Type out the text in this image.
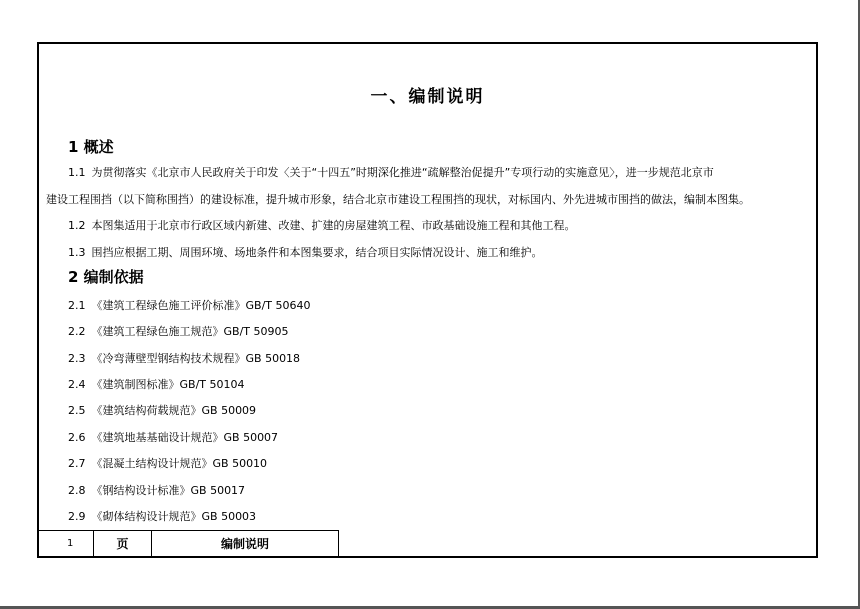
一、编制说明
1 概述
1.1 为贯彻落实《北京市人民政府关于印发〈关于“十四五”时期深化推进“疏解整治促提升”专项行动的实施意见〉，进一步规范北京市
建设工程围挡（以下简称围挡）的建设标准，提升城市形象，结合北京市建设工程围挡的现状，对标国内、外先进城市围挡的做法，编制本图集。
1.2 本图集适用于北京市行政区域内新建、改建、扩建的房屋建筑工程、市政基础设施工程和其他工程。
1.3 围挡应根据工期、周围环境、场地条件和本图集要求，结合项目实际情况设计、施工和维护。
2 编制依据
2.1 《建筑工程绿色施工评价标准》GB/T 50640
2.2 《建筑工程绿色施工规范》GB/T 50905
2.3 《冷弯薄壁型钢结构技术规程》GB 50018
2.4 《建筑制图标准》GB/T 50104
2.5 《建筑结构荷载规范》GB 50009
2.6 《建筑地基基础设计规范》GB 50007
2.7 《混凝土结构设计规范》GB 50010
2.8 《钢结构设计标准》GB 50017
2.9 《砌体结构设计规范》GB 50003
1	页	编制说明
